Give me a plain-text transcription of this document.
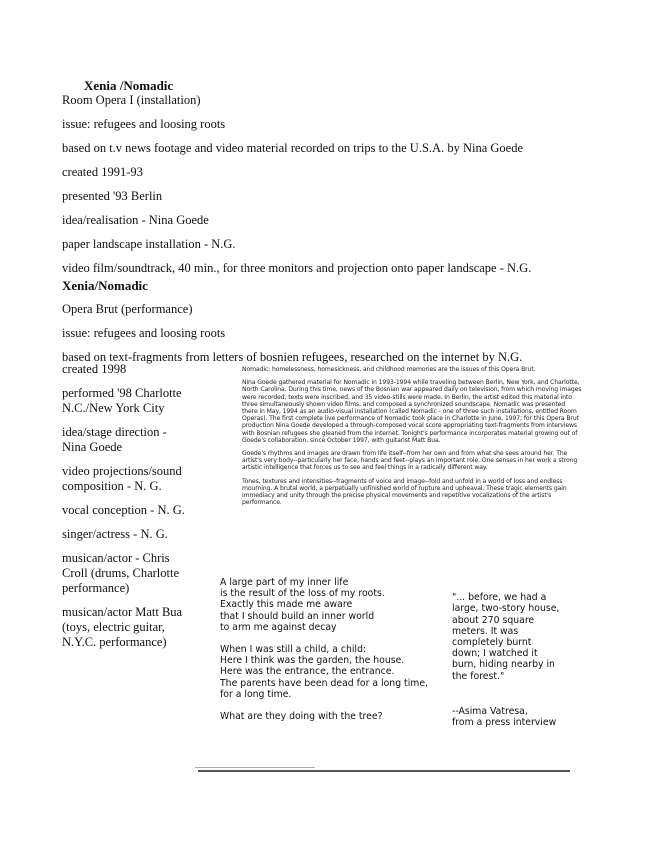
Xenia /Nomadic

Room Opera I (installation)

issue: refugees and loosing roots

based on t.v news footage and video material recorded on trips to the U.S.A. by Nina Goede

created 1991-93

presented '93 Berlin

idea/realisation - Nina Goede

paper landscape installation - N.G.

video film/soundtrack, 40 min., for three monitors and projection onto paper landscape - N.G.

Xenia/Nomadic

Opera Brut (performance)

issue: refugees and loosing roots

based on text-fragments from letters of bosnien refugees, researched on the internet by N.G.

created 1998

performed '98 Charlotte N.C./New York City

idea/stage direction - Nina Goede

video projections/sound composition - N. G.

vocal conception - N. G.

singer/actress - N. G.

musican/actor - Chris Croll (drums, Charlotte performance)

musican/actor Matt Bua (toys, electric guitar, N.Y.C. performance)

Nomadic: homelessness, homesickness, and childhood memories are the issues of this Opera Brut.

Nina Goede gathered material for Nomadic in 1993-1994 while traveling between Berlin, New York, and Charlotte, North Carolina. During this time, news of the Bosnian war appeared daily on television, from which moving images were recorded, texts were inscribed, and 35 video-stills were made. In Berlin, the artist edited this material into three simultaneously shown video films, and composed a synchronized soundscape. Nomadic was presented there in May, 1994 as an audio-visual installation (called Nomadic - one of three such installations, entitled Room Operas). The first complete live performance of Nomadic took place in Charlotte in June, 1997; for this Opera Brut production Nina Goede developed a through-composed vocal score appropriating text-fragments from interviews with Bosnian refugees she gleaned from the internet. Tonight's performance incorporates material growing out of Goede's collaboration, since October 1997, with guitarist Matt Bua.

Goede's rhythms and images are drawn from life itself--from her own and from what she sees around her. The artist's very body--particularly her face, hands and feet--plays an important role. One senses in her work a strong artistic intelligence that forces us to see and feel things in a radically different way.

Tones, textures and intensities--fragments of voice and image--fold and unfold in a world of loss and endless mourning. A brutal world, a perpetually unfinished world of rupture and upheaval. These tragic elements gain immediacy and unity through the precise physical movements and repetitive vocalizations of the artist's performance.

A large part of my inner life
is the result of the loss of my roots.
Exactly this made me aware
that I should build an inner world
to arm me against decay

When I was still a child, a child:
Here I think was the garden, the house.
Here was the entrance, the entrance.
The parents have been dead for a long time,
for a long time.

What are they doing with the tree?

"... before, we had a
large, two-story house,
about 270 square
meters. It was
completely burnt
down; I watched it
burn, hiding nearby in
the forest."

--Asima Vatresa,
from a press interview
